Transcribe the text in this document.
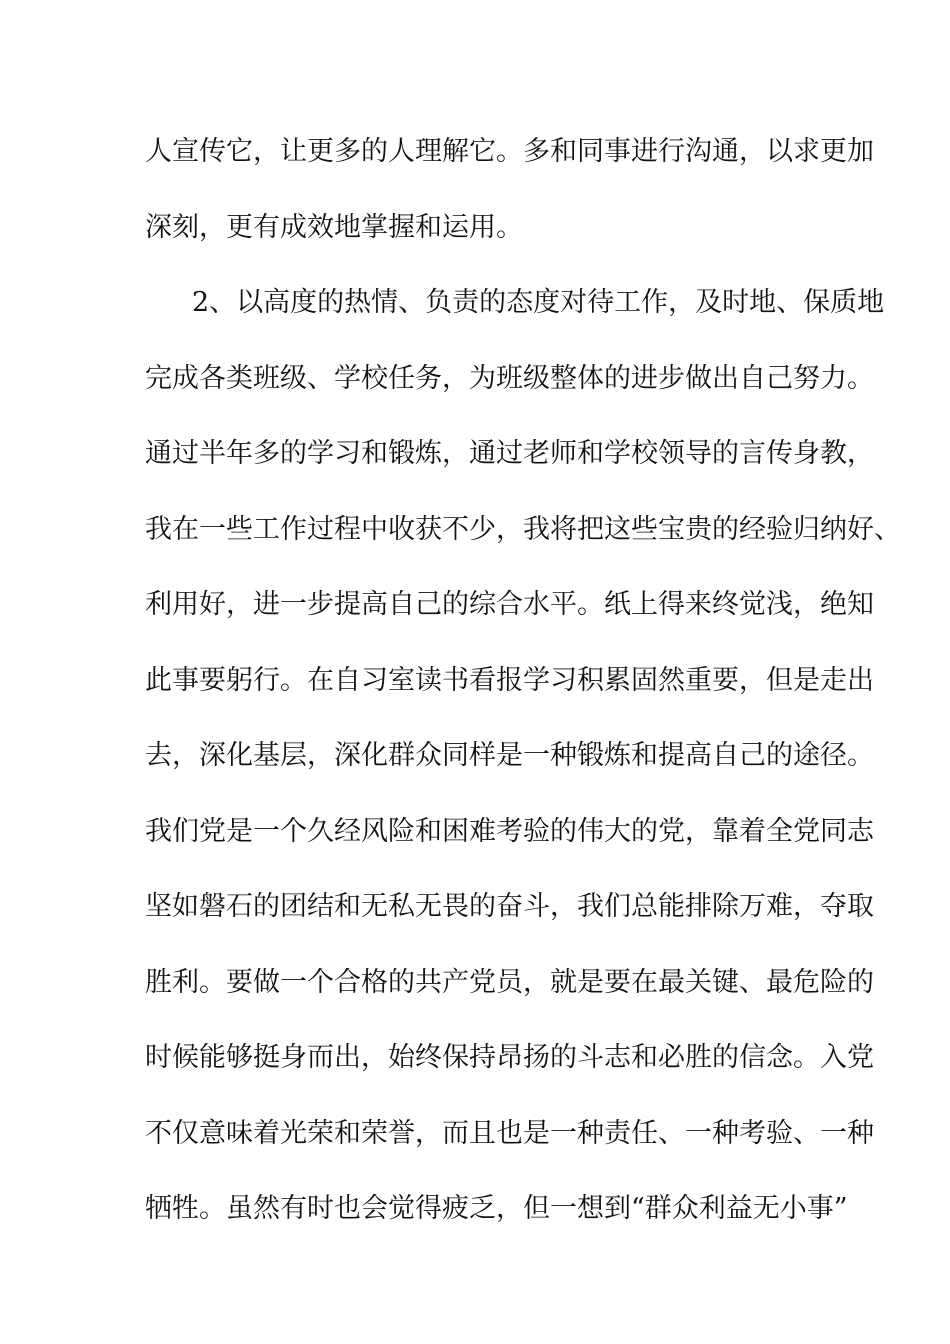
人宣传它，让更多的人理解它。多和同事进行沟通，以求更加
深刻，更有成效地掌握和运用。
2、以高度的热情、负责的态度对待工作，及时地、保质地
完成各类班级、学校任务，为班级整体的进步做出自己努力。
通过半年多的学习和锻炼，通过老师和学校领导的言传身教，
我在一些工作过程中收获不少，我将把这些宝贵的经验归纳好、
利用好，进一步提高自己的综合水平。纸上得来终觉浅，绝知
此事要躬行。在自习室读书看报学习积累固然重要，但是走出
去，深化基层，深化群众同样是一种锻炼和提高自己的途径。
我们党是一个久经风险和困难考验的伟大的党，靠着全党同志
坚如磐石的团结和无私无畏的奋斗，我们总能排除万难，夺取
胜利。要做一个合格的共产党员，就是要在最关键、最危险的
时候能够挺身而出，始终保持昂扬的斗志和必胜的信念。入党
不仅意味着光荣和荣誉，而且也是一种责任、一种考验、一种
牺牲。虽然有时也会觉得疲乏，但一想到“群众利益无小事”
